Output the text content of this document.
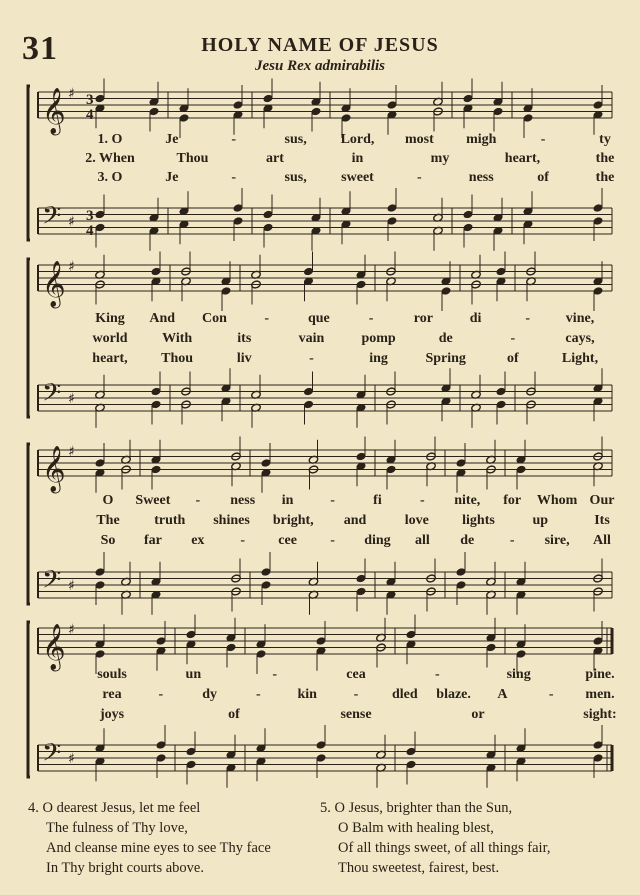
31	HOLY NAME OF JESUS
Jesu Rex admirabilis
𝄞 ♯ 3
4
𝄢 ♯ 3
4
𝄞 ♯
𝄢 ♯
𝄞 ♯
𝄢 ♯
𝄞 ♯
𝄢 ♯
1. O	Je	-	sus, Lord, most migh	-	ty
2. When	Thou	art	in	my	heart,	the
3. O	Je	-	sus, sweet	-	ness	of	the
King And Con	-	que	-	ror	di	-	vine,
world With	its	vain	pomp	de	-	cays,
heart, Thou	liv	-	ing	Spring	of	Light,
O Sweet - ness in	-	fi	- nite, for Whom Our
The truth shines bright, and	love lights	up	Its
So far ex	- cee - ding all de	- sire, All
souls	un	-	cea	-	sing	pine.
rea	-	dy	-	kin	- dled blaze. A	- men.
joys	of	sense	or	sight:
4. O dearest Jesus, let me feel
The fulness of Thy love,
And cleanse mine eyes to see Thy face
In Thy bright courts above.
5. O Jesus, brighter than the Sun,
O Balm with healing blest,
Of all things sweet, of all things fair,
Thou sweetest, fairest, best.
